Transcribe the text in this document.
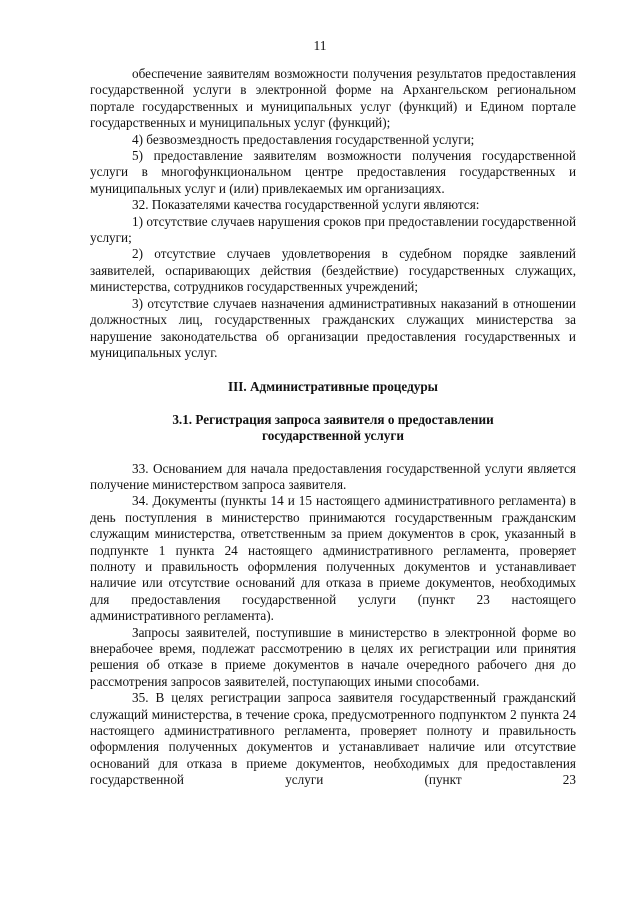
11

обеспечение заявителям возможности получения результатов предоставления государственной услуги в электронной форме на Архангельском региональном портале государственных и муниципальных услуг (функций) и Едином портале государственных и муниципальных услуг (функций);

4) безвозмездность предоставления государственной услуги;

5) предоставление заявителям возможности получения государственной услуги в многофункциональном центре предоставления государственных и муниципальных услуг и (или) привлекаемых им организациях.

32. Показателями качества государственной услуги являются:

1) отсутствие случаев нарушения сроков при предоставлении государственной услуги;

2) отсутствие случаев удовлетворения в судебном порядке заявлений заявителей, оспаривающих действия (бездействие) государственных служащих, министерства, сотрудников государственных учреждений;

3) отсутствие случаев назначения административных наказаний в отношении должностных лиц, государственных гражданских служащих министерства за нарушение законодательства об организации предоставления государственных и муниципальных услуг.

III. Административные процедуры

3.1. Регистрация запроса заявителя о предоставлении

государственной услуги

33. Основанием для начала предоставления государственной услуги является получение министерством запроса заявителя.

34. Документы (пункты 14 и 15 настоящего административного регламента) в день поступления в министерство принимаются государственным гражданским служащим министерства, ответственным за прием документов в срок, указанный в подпункте 1 пункта 24 настоящего административного регламента, проверяет полноту и правильность оформления полученных документов и устанавливает наличие или отсутствие оснований для отказа в приеме документов, необходимых для предоставления государственной услуги (пункт 23 настоящего административного регламента).

Запросы заявителей, поступившие в министерство в электронной форме во внерабочее время, подлежат рассмотрению в целях их регистрации или принятия решения об отказе в приеме документов в начале очередного рабочего дня до рассмотрения запросов заявителей, поступающих иными способами.

35. В целях регистрации запроса заявителя государственный гражданский служащий министерства, в течение срока, предусмотренного подпунктом 2 пункта 24 настоящего административного регламента, проверяет полноту и правильность оформления полученных документов и устанавливает наличие или отсутствие оснований для отказа в приеме документов, необходимых для предоставления государственной услуги (пункт 23
